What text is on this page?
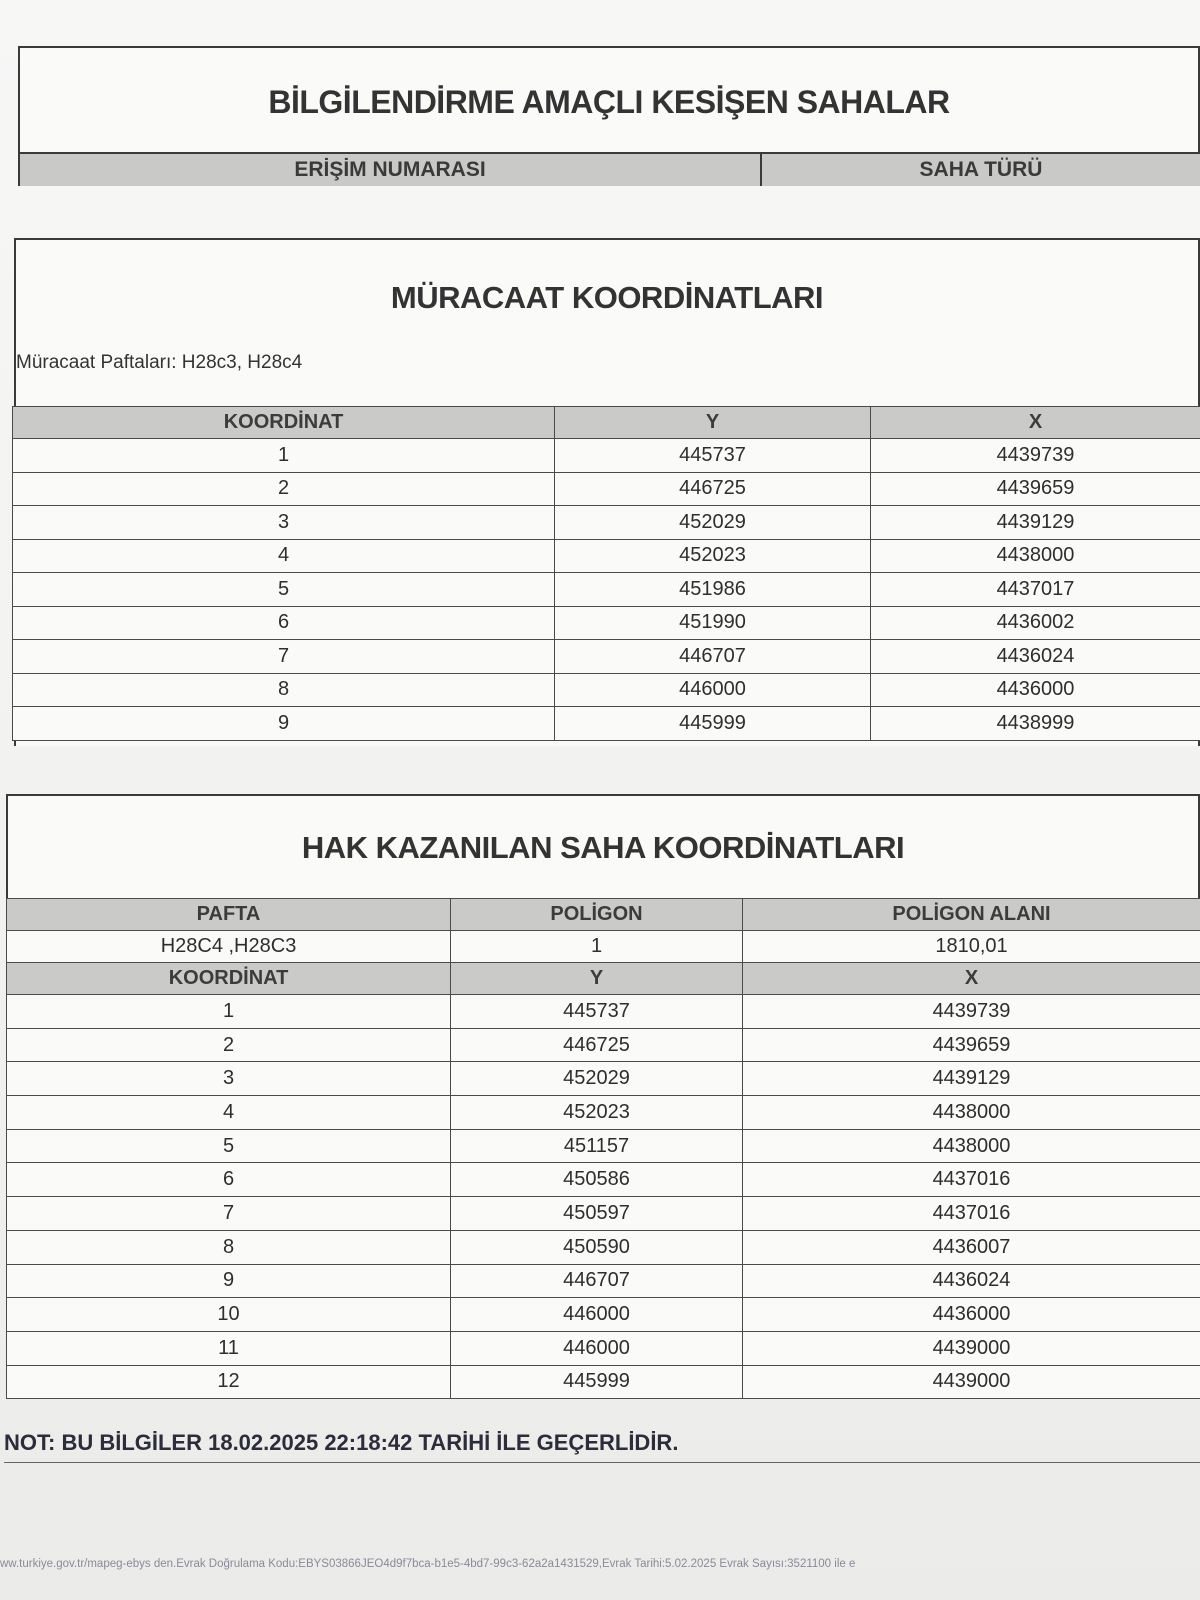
BİLGİLENDİRME AMAÇLI KESİŞEN SAHALAR
ERİŞİM NUMARASI	SAHA TÜRÜ
MÜRACAAT KOORDİNATLARI
Müracaat Paftaları: H28c3, H28c4
KOORDİNAT	Y	X
1	445737	4439739
2	446725	4439659
3	452029	4439129
4	452023	4438000
5	451986	4437017
6	451990	4436002
7	446707	4436024
8	446000	4436000
9	445999	4438999
HAK KAZANILAN SAHA KOORDİNATLARI
PAFTA	POLİGON	POLİGON ALANI
H28C4 ,H28C3	1	1810,01
KOORDİNAT	Y	X
1	445737	4439739
2	446725	4439659
3	452029	4439129
4	452023	4438000
5	451157	4438000
6	450586	4437016
7	450597	4437016
8	450590	4436007
9	446707	4436024
10	446000	4436000
11	446000	4439000
12	445999	4439000
NOT: BU BİLGİLER 18.02.2025 22:18:42 TARİHİ İLE GEÇERLİDİR.
ww.turkiye.gov.tr/mapeg-ebys den.Evrak Doğrulama Kodu:EBYS03866JEO4d9f7bca-b1e5-4bd7-99c3-62a2a1431529,Evrak Tarihi:5.02.2025 Evrak Sayısı:3521100 ile e
